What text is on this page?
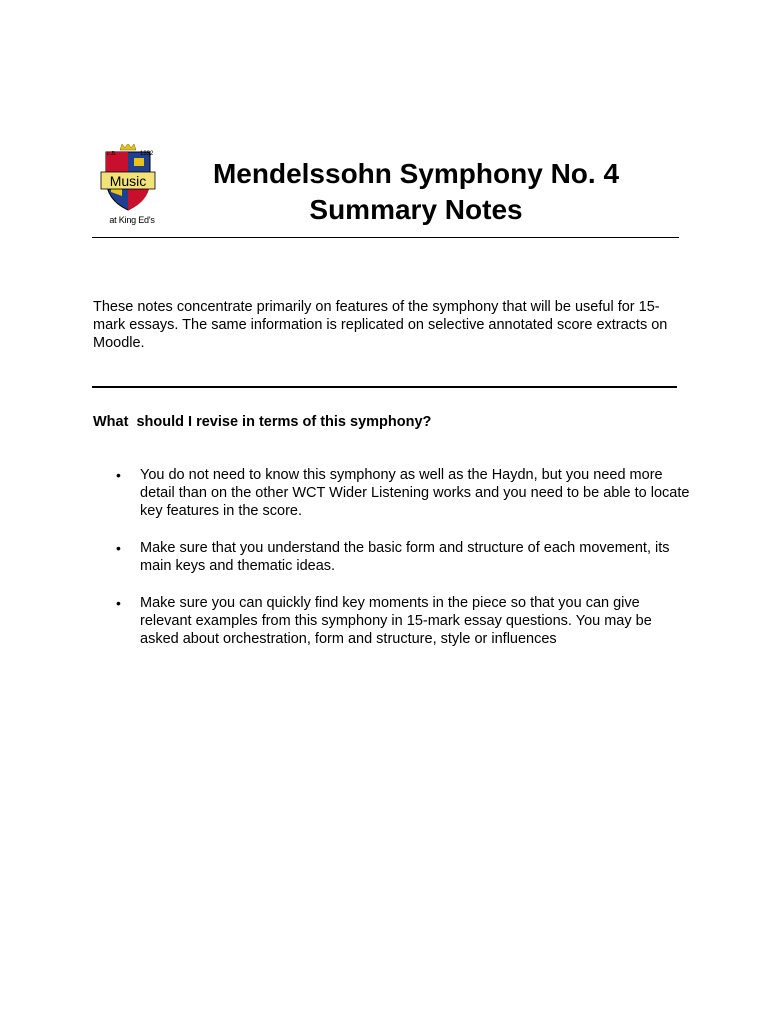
Music
c.B.	1332
at King Ed's
Mendelssohn Symphony No. 4
Summary Notes
These notes concentrate primarily on features of the symphony that will be useful for 15-mark essays. The same information is replicated on selective annotated score extracts on Moodle.
What  should I revise in terms of this symphony?
• You do not need to know this symphony as well as the Haydn, but you need more detail than on the other WCT Wider Listening works and you need to be able to locate key features in the score.
• Make sure that you understand the basic form and structure of each movement, its main keys and thematic ideas.
• Make sure you can quickly find key moments in the piece so that you can give relevant examples from this symphony in 15-mark essay questions. You may be asked about orchestration, form and structure, style or influences
